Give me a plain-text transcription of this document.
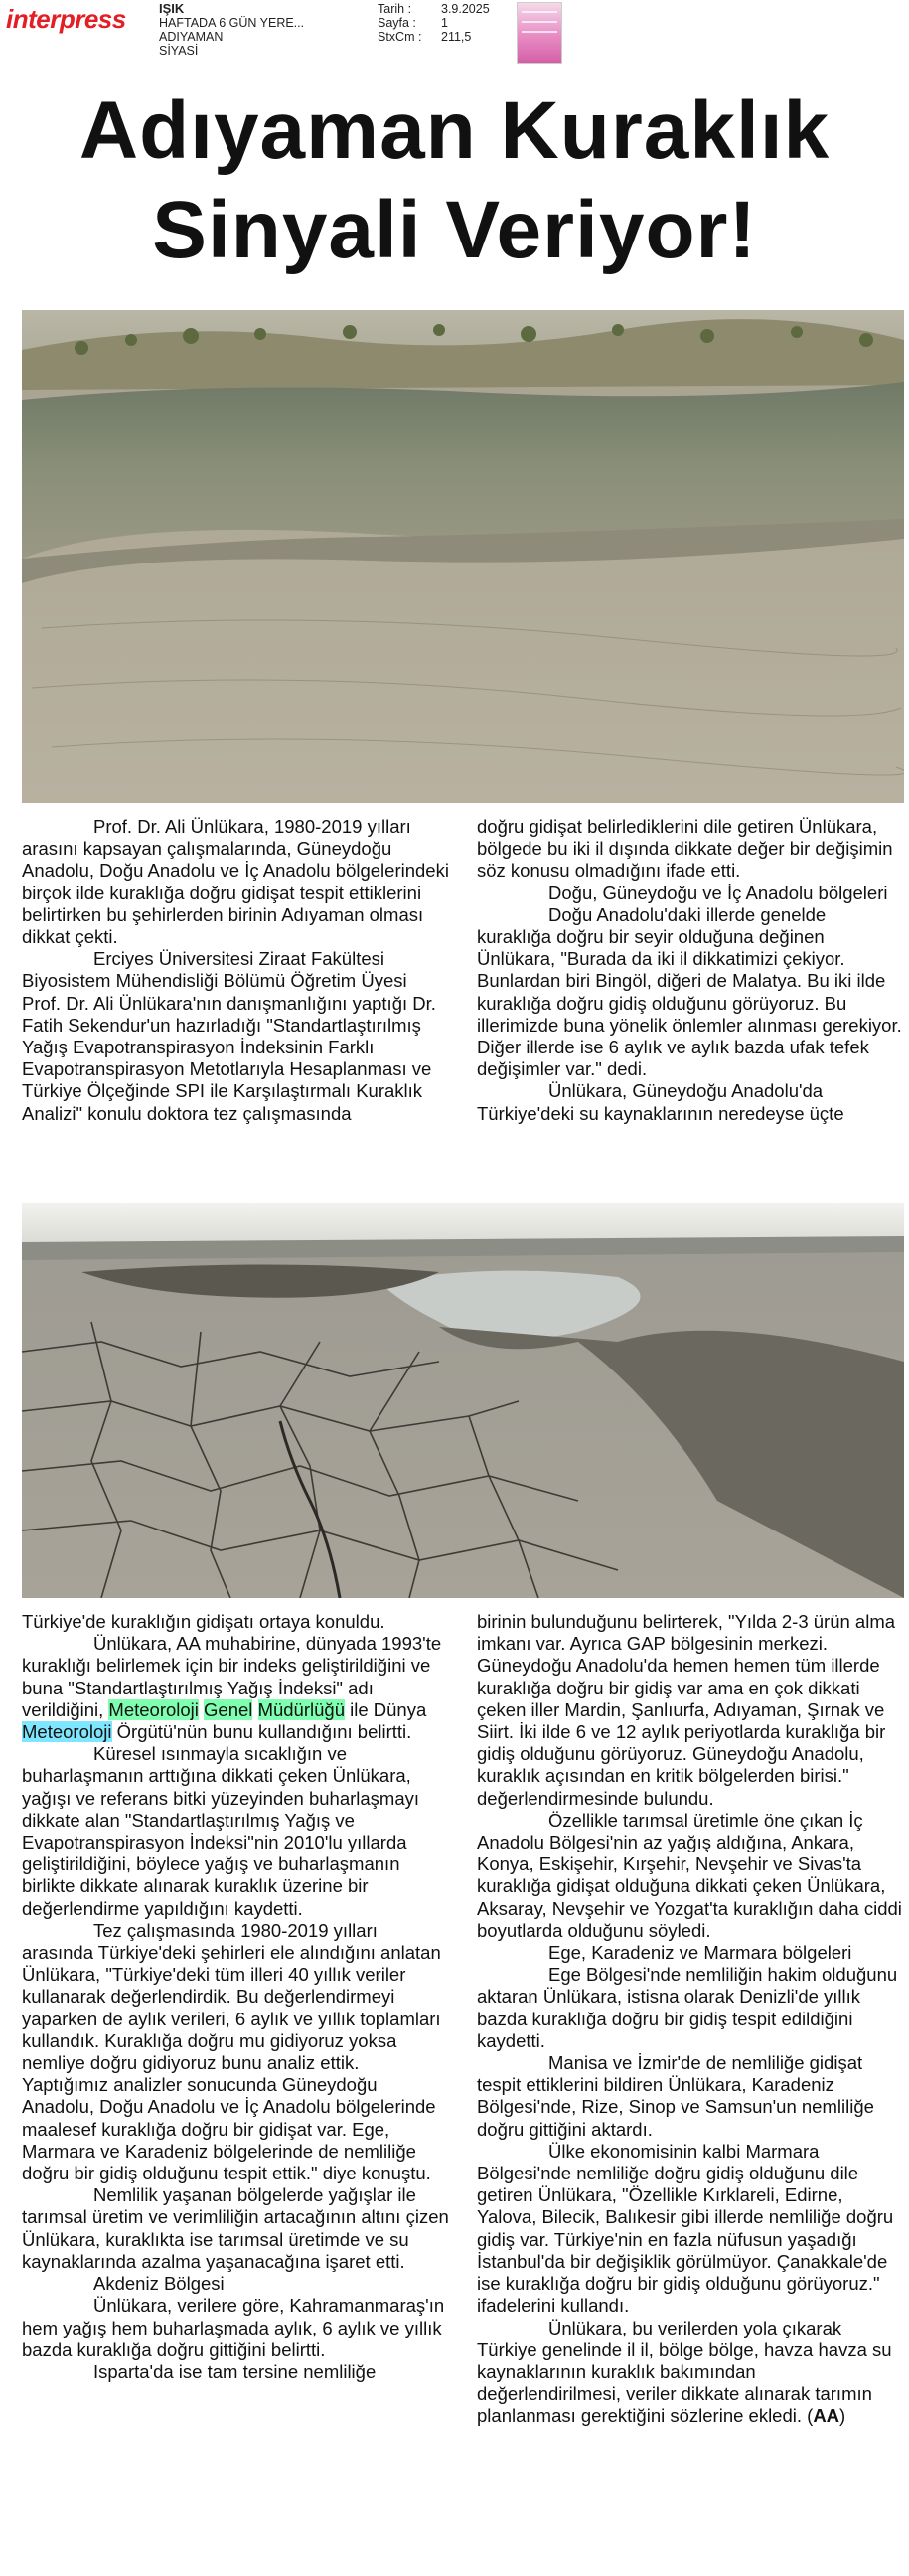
interpress	IŞIK
HAFTADA 6 GÜN YERE...
ADIYAMAN
SİYASİ
Tarih :	3.9.2025
Sayfa :	1
StxCm :	211,5
Adıyaman Kuraklık
Sinyali Veriyor!

Prof. Dr. Ali Ünlükara, 1980-2019 yılları arasını kapsayan çalışmalarında, Güneydoğu Anadolu, Doğu Anadolu ve İç Anadolu bölgelerindeki birçok ilde kuraklığa doğru gidişat tespit ettiklerini belirtirken bu şehirlerden birinin Adıyaman olması dikkat çekti.

Erciyes Üniversitesi Ziraat Fakültesi Biyosistem Mühendisliği Bölümü Öğretim Üyesi Prof. Dr. Ali Ünlükara'nın danışmanlığını yaptığı Dr. Fatih Sekendur'un hazırladığı "Standartlaştırılmış Yağış Evapotranspirasyon İndeksinin Farklı Evapotranspirasyon Metotlarıyla Hesaplanması ve Türkiye Ölçeğinde SPI ile Karşılaştırmalı Kuraklık Analizi" konulu doktora tez çalışmasında

doğru gidişat belirlediklerini dile getiren Ünlükara, bölgede bu iki il dışında dikkate değer bir değişimin söz konusu olmadığını ifade etti.

Doğu, Güneydoğu ve İç Anadolu bölgeleri

Doğu Anadolu'daki illerde genelde kuraklığa doğru bir seyir olduğuna değinen Ünlükara, "Burada da iki il dikkatimizi çekiyor. Bunlardan biri Bingöl, diğeri de Malatya. Bu iki ilde kuraklığa doğru gidiş olduğunu görüyoruz. Bu illerimizde buna yönelik önlemler alınması gerekiyor. Diğer illerde ise 6 aylık ve aylık bazda ufak tefek değişimler var." dedi.

Ünlükara, Güneydoğu Anadolu'da Türkiye'deki su kaynaklarının neredeyse üçte

Türkiye'de kuraklığın gidişatı ortaya konuldu.

Ünlükara, AA muhabirine, dünyada 1993'te kuraklığı belirlemek için bir indeks geliştirildiğini ve buna "Standartlaştırılmış Yağış İndeksi" adı verildiğini, Meteoroloji Genel Müdürlüğü ile Dünya Meteoroloji Örgütü'nün bunu kullandığını belirtti.

Küresel ısınmayla sıcaklığın ve buharlaşmanın arttığına dikkati çeken Ünlükara, yağışı ve referans bitki yüzeyinden buharlaşmayı dikkate alan "Standartlaştırılmış Yağış ve Evapotranspirasyon İndeksi"nin 2010'lu yıllarda geliştirildiğini, böylece yağış ve buharlaşmanın birlikte dikkate alınarak kuraklık üzerine bir değerlendirme yapıldığını kaydetti.

Tez çalışmasında 1980-2019 yılları arasında Türkiye'deki şehirleri ele alındığını anlatan Ünlükara, "Türkiye'deki tüm illeri 40 yıllık veriler kullanarak değerlendirdik. Bu değerlendirmeyi yaparken de aylık verileri, 6 aylık ve yıllık toplamları kullandık. Kuraklığa doğru mu gidiyoruz yoksa nemliye doğru gidiyoruz bunu analiz ettik. Yaptığımız analizler sonucunda Güneydoğu Anadolu, Doğu Anadolu ve İç Anadolu bölgelerinde maalesef kuraklığa doğru bir gidişat var. Ege, Marmara ve Karadeniz bölgelerinde de nemliliğe doğru bir gidiş olduğunu tespit ettik." diye konuştu.

Nemlilik yaşanan bölgelerde yağışlar ile tarımsal üretim ve verimliliğin artacağının altını çizen Ünlükara, kuraklıkta ise tarımsal üretimde ve su kaynaklarında azalma yaşanacağına işaret etti.

Akdeniz Bölgesi

Ünlükara, verilere göre, Kahramanmaraş'ın hem yağış hem buharlaşmada aylık, 6 aylık ve yıllık bazda kuraklığa doğru gittiğini belirtti.

Isparta'da ise tam tersine nemliliğe

birinin bulunduğunu belirterek, "Yılda 2-3 ürün alma imkanı var. Ayrıca GAP bölgesinin merkezi. Güneydoğu Anadolu'da hemen hemen tüm illerde kuraklığa doğru bir gidiş var ama en çok dikkati çeken iller Mardin, Şanlıurfa, Adıyaman, Şırnak ve Siirt. İki ilde 6 ve 12 aylık periyotlarda kuraklığa bir gidiş olduğunu görüyoruz. Güneydoğu Anadolu, kuraklık açısından en kritik bölgelerden birisi." değerlendirmesinde bulundu.

Özellikle tarımsal üretimle öne çıkan İç Anadolu Bölgesi'nin az yağış aldığına, Ankara, Konya, Eskişehir, Kırşehir, Nevşehir ve Sivas'ta kuraklığa gidişat olduğuna dikkati çeken Ünlükara, Aksaray, Nevşehir ve Yozgat'ta kuraklığın daha ciddi boyutlarda olduğunu söyledi.

Ege, Karadeniz ve Marmara bölgeleri

Ege Bölgesi'nde nemliliğin hakim olduğunu aktaran Ünlükara, istisna olarak Denizli'de yıllık bazda kuraklığa doğru bir gidiş tespit edildiğini kaydetti.

Manisa ve İzmir'de de nemliliğe gidişat tespit ettiklerini bildiren Ünlükara, Karadeniz Bölgesi'nde, Rize, Sinop ve Samsun'un nemliliğe doğru gittiğini aktardı.

Ülke ekonomisinin kalbi Marmara Bölgesi'nde nemliliğe doğru gidiş olduğunu dile getiren Ünlükara, "Özellikle Kırklareli, Edirne, Yalova, Bilecik, Balıkesir gibi illerde nemliliğe doğru gidiş var. Türkiye'nin en fazla nüfusun yaşadığı İstanbul'da bir değişiklik görülmüyor. Çanakkale'de ise kuraklığa doğru bir gidiş olduğunu görüyoruz." ifadelerini kullandı.

Ünlükara, bu verilerden yola çıkarak Türkiye genelinde il il, bölge bölge, havza havza su kaynaklarının kuraklık bakımından değerlendirilmesi, veriler dikkate alınarak tarımın planlanması gerektiğini sözlerine ekledi. (AA)
